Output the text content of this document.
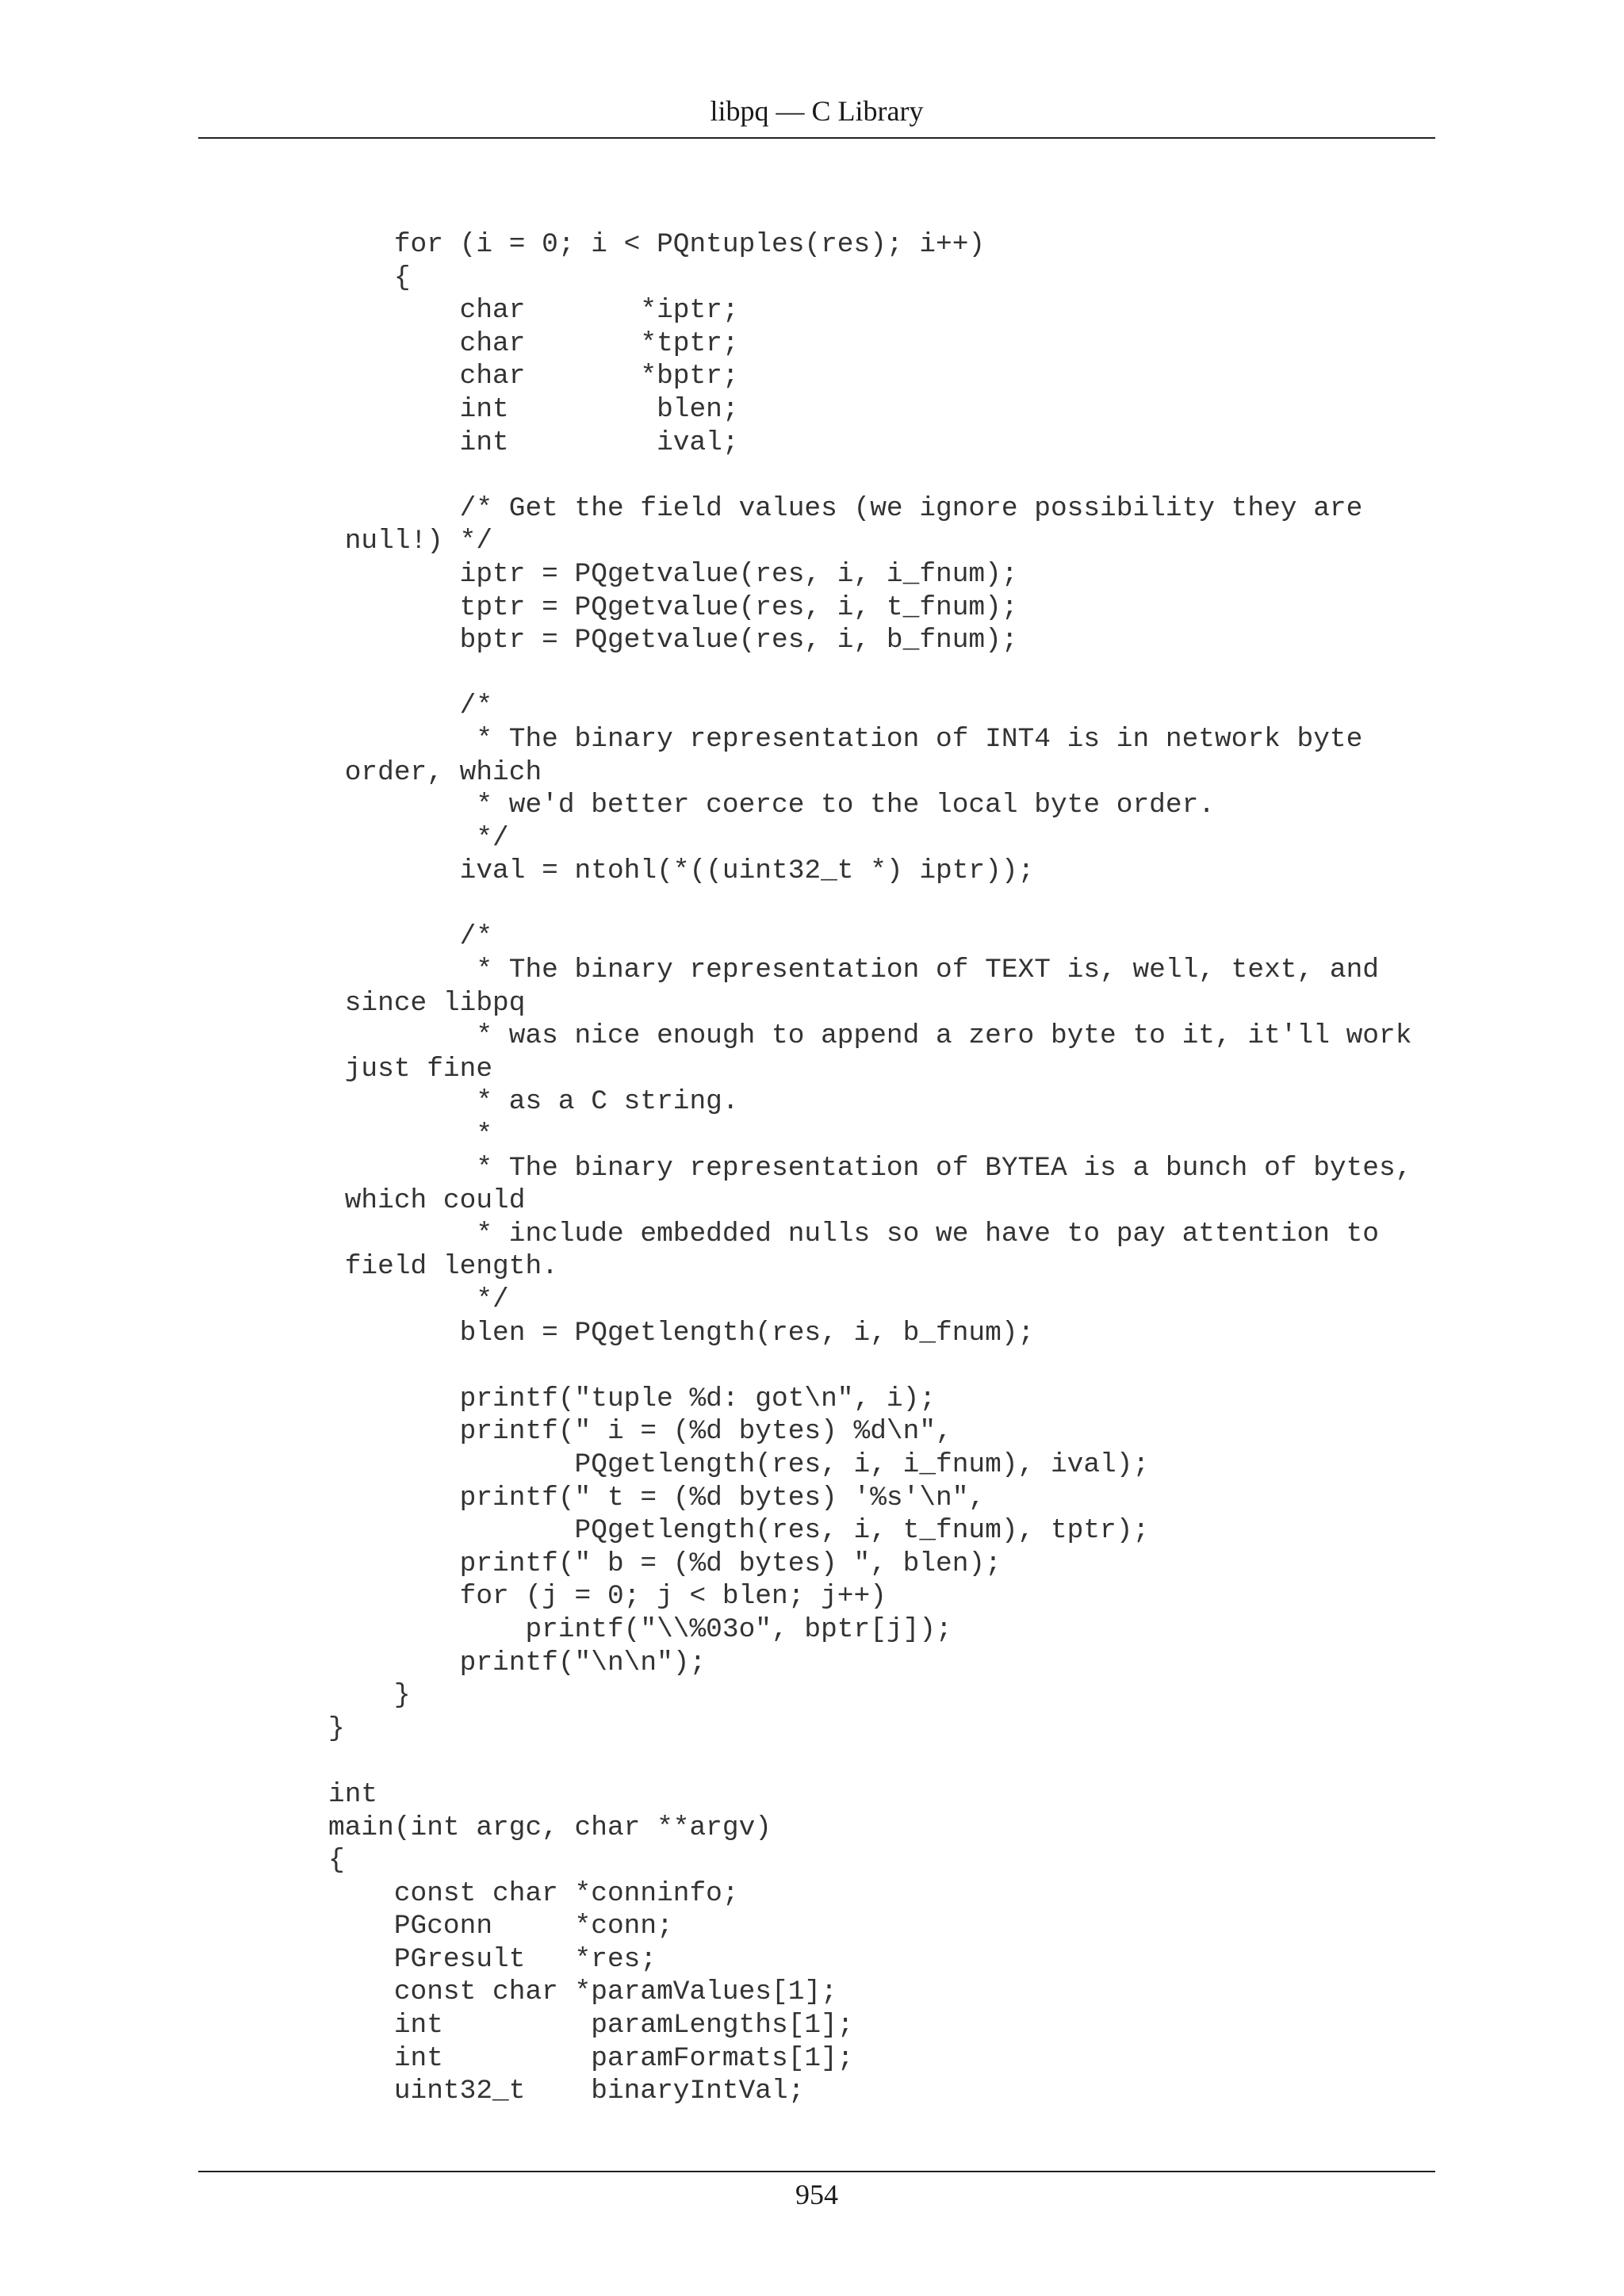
libpq — C Library
for (i = 0; i < PQntuples(res); i++)
{
char       *iptr;
char       *tptr;
char       *bptr;
int         blen;
int         ival;
/* Get the field values (we ignore possibility they are
null!) */
iptr = PQgetvalue(res, i, i_fnum);
tptr = PQgetvalue(res, i, t_fnum);
bptr = PQgetvalue(res, i, b_fnum);
/*
* The binary representation of INT4 is in network byte
order, which
* we'd better coerce to the local byte order.
*/
ival = ntohl(*((uint32_t *) iptr));
/*
* The binary representation of TEXT is, well, text, and
since libpq
* was nice enough to append a zero byte to it, it'll work
just fine
* as a C string.
*
* The binary representation of BYTEA is a bunch of bytes,
which could
* include embedded nulls so we have to pay attention to
field length.
*/
blen = PQgetlength(res, i, b_fnum);
printf("tuple %d: got\n", i);
printf(" i = (%d bytes) %d\n",
PQgetlength(res, i, i_fnum), ival);
printf(" t = (%d bytes) '%s'\n",
PQgetlength(res, i, t_fnum), tptr);
printf(" b = (%d bytes) ", blen);
for (j = 0; j < blen; j++)
printf("\\%03o", bptr[j]);
printf("\n\n");
}
}
int
main(int argc, char **argv)
{
const char *conninfo;
PGconn     *conn;
PGresult   *res;
const char *paramValues[1];
int         paramLengths[1];
int         paramFormats[1];
uint32_t    binaryIntVal;
954
